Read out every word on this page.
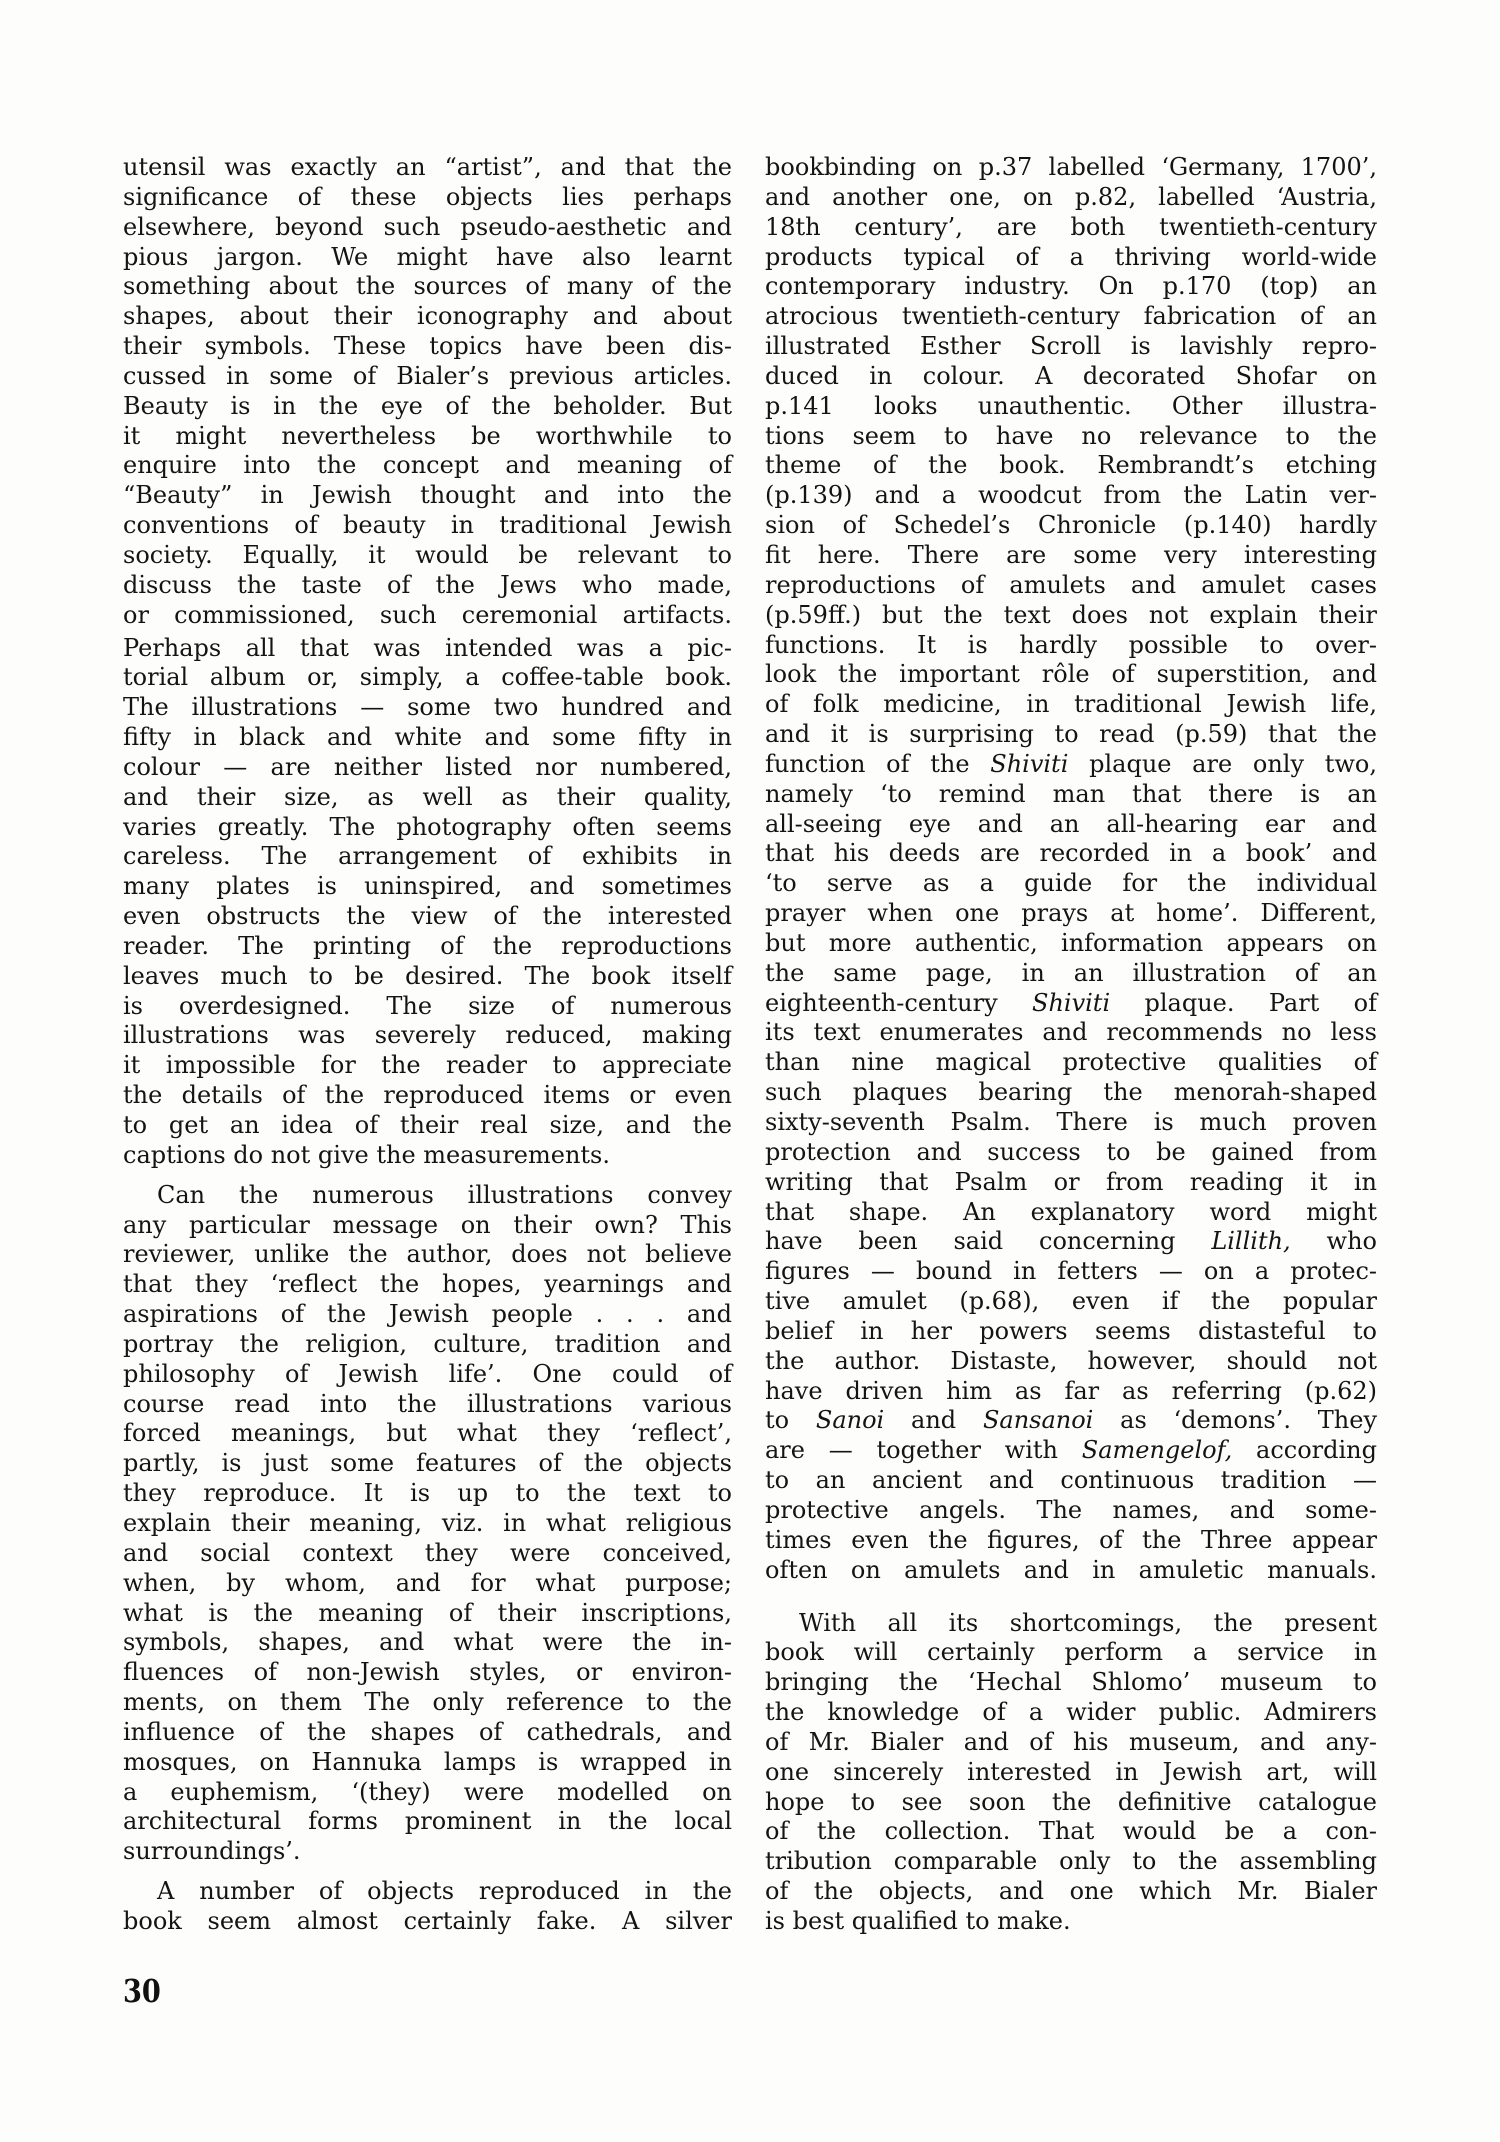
utensil was exactly an “artist”, and that the
significance of these objects lies perhaps
elsewhere, beyond such pseudo-aesthetic and
pious jargon. We might have also learnt
something about the sources of many of the
shapes, about their iconography and about
their symbols. These topics have been dis-
cussed in some of Bialer’s previous articles.
Beauty is in the eye of the beholder. But
it might nevertheless be worthwhile to
enquire into the concept and meaning of
“Beauty” in Jewish thought and into the
conventions of beauty in traditional Jewish
society. Equally, it would be relevant to
discuss the taste of the Jews who made,
or commissioned, such ceremonial artifacts.
Perhaps all that was intended was a pic-
torial album or, simply, a coffee-table book.
The illustrations — some two hundred and
fifty in black and white and some fifty in
colour — are neither listed nor numbered,
and their size, as well as their quality,
varies greatly. The photography often seems
careless. The arrangement of exhibits in
many plates is uninspired, and sometimes
even obstructs the view of the interested
reader. The printing of the reproductions
leaves much to be desired. The book itself
is overdesigned. The size of numerous
illustrations was severely reduced, making
it impossible for the reader to appreciate
the details of the reproduced items or even
to get an idea of their real size, and the
captions do not give the measurements.
Can the numerous illustrations convey
any particular message on their own? This
reviewer, unlike the author, does not believe
that they ‘reflect the hopes, yearnings and
aspirations of the Jewish people . . . and
portray the religion, culture, tradition and
philosophy of Jewish life’. One could of
course read into the illustrations various
forced meanings, but what they ‘reflect’,
partly, is just some features of the objects
they reproduce. It is up to the text to
explain their meaning, viz. in what religious
and social context they were conceived,
when, by whom, and for what purpose;
what is the meaning of their inscriptions,
symbols, shapes, and what were the in-
fluences of non-Jewish styles, or environ-
ments, on them The only reference to the
influence of the shapes of cathedrals, and
mosques, on Hannuka lamps is wrapped in
a euphemism, ‘(they) were modelled on
architectural forms prominent in the local
surroundings’.
A number of objects reproduced in the
book seem almost certainly fake. A silver
bookbinding on p.37 labelled ‘Germany, 1700’,
and another one, on p.82, labelled ‘Austria,
18th century’, are both twentieth-century
products typical of a thriving world-wide
contemporary industry. On p.170 (top) an
atrocious twentieth-century fabrication of an
illustrated Esther Scroll is lavishly repro-
duced in colour. A decorated Shofar on
p.141 looks unauthentic. Other illustra-
tions seem to have no relevance to the
theme of the book. Rembrandt’s etching
(p.139) and a woodcut from the Latin ver-
sion of Schedel’s Chronicle (p.140) hardly
fit here. There are some very interesting
reproductions of amulets and amulet cases
(p.59ff.) but the text does not explain their
functions. It is hardly possible to over-
look the important rôle of superstition, and
of folk medicine, in traditional Jewish life,
and it is surprising to read (p.59) that the
function of the Shiviti plaque are only two,
namely ‘to remind man that there is an
all-seeing eye and an all-hearing ear and
that his deeds are recorded in a book’ and
‘to serve as a guide for the individual
prayer when one prays at home’. Different,
but more authentic, information appears on
the same page, in an illustration of an
eighteenth-century Shiviti plaque. Part of
its text enumerates and recommends no less
than nine magical protective qualities of
such plaques bearing the menorah-shaped
sixty-seventh Psalm. There is much proven
protection and success to be gained from
writing that Psalm or from reading it in
that shape. An explanatory word might
have been said concerning Lillith, who
figures — bound in fetters — on a protec-
tive amulet (p.68), even if the popular
belief in her powers seems distasteful to
the author. Distaste, however, should not
have driven him as far as referring (p.62)
to Sanoi and Sansanoi as ‘demons’. They
are — together with Samengelof, according
to an ancient and continuous tradition —
protective angels. The names, and some-
times even the figures, of the Three appear
often on amulets and in amuletic manuals.
With all its shortcomings, the present
book will certainly perform a service in
bringing the ‘Hechal Shlomo’ museum to
the knowledge of a wider public. Admirers
of Mr. Bialer and of his museum, and any-
one sincerely interested in Jewish art, will
hope to see soon the definitive catalogue
of the collection. That would be a con-
tribution comparable only to the assembling
of the objects, and one which Mr. Bialer
is best qualified to make.
30
